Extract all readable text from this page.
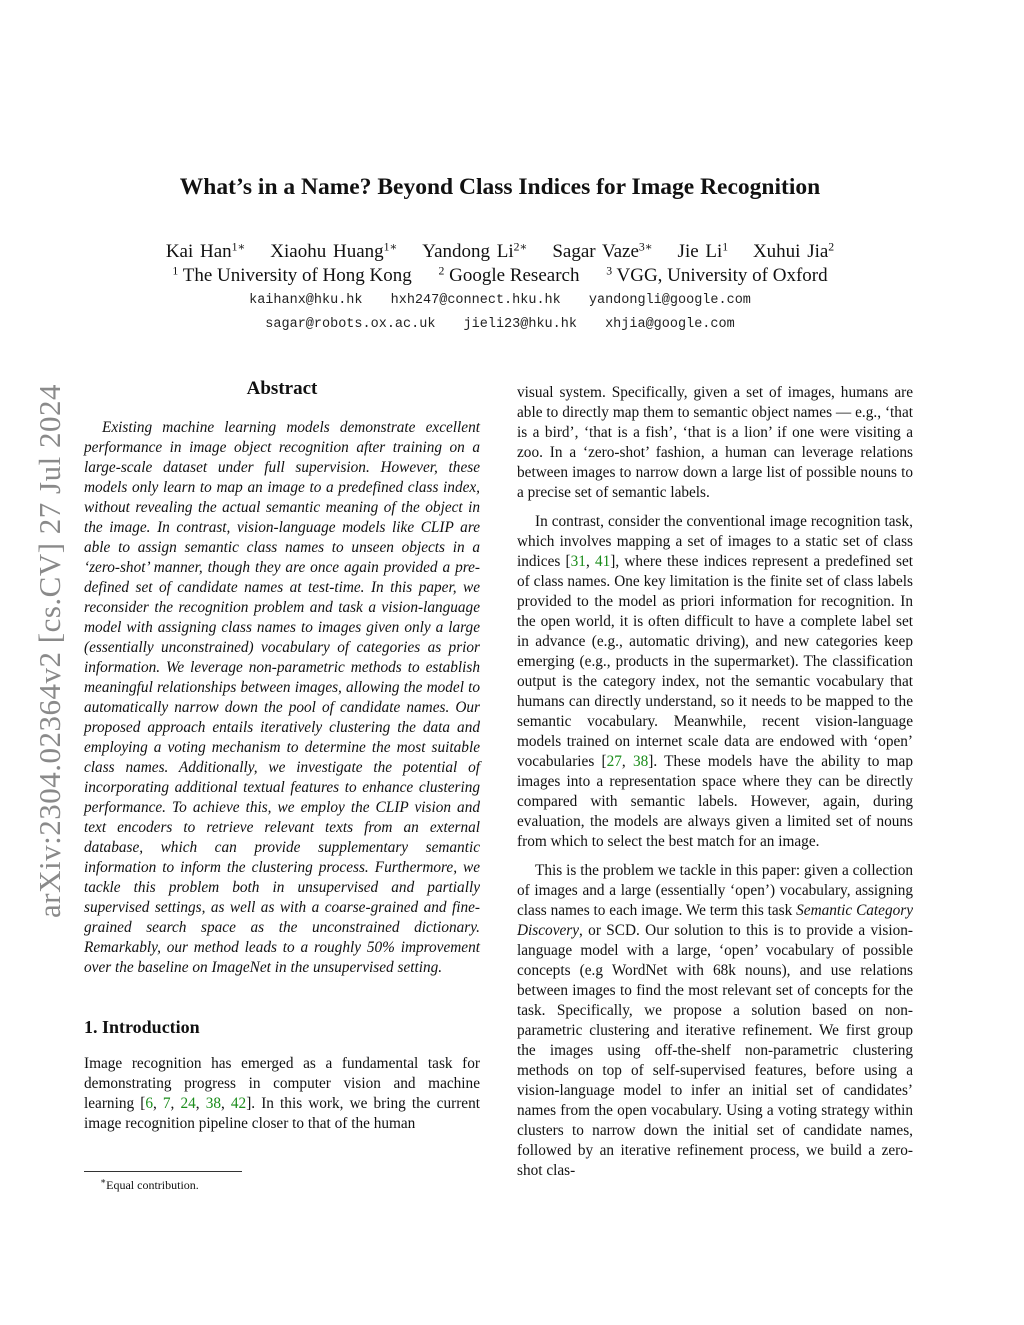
arXiv:2304.02364v2 [cs.CV] 27 Jul 2024
What’s in a Name? Beyond Class Indices for Image Recognition
Kai Han$^{1∗}$ Xiaohu Huang$^{1∗}$ Yandong $Li^{2∗}$ Sagar Vaze$^{3∗}$ Jie Li$^1$ Xuhui Jia$^2$
$^1$ The University of Hong Kong $^2$ Google Research $^3$ VGG, University of Oxford
kaihanx@hku.hk hxh247@connect.hku.hk yandongli@google.com
sagar@robots.ox.ac.uk jieli23@hku.hk xhjia@google.com
Abstract

Existing machine learning models demonstrate excellent performance in image object recognition after training on a large-scale dataset under full supervision. However, these models only learn to map an image to a predefined class index, without revealing the actual semantic meaning of the object in the image. In contrast, vision-language models like CLIP are able to assign semantic class names to unseen objects in a ‘zero-shot’ manner, though they are once again provided a pre-defined set of candidate names at test-time. In this paper, we reconsider the recognition problem and task a vision-language model with assigning class names to images given only a large (essentially unconstrained) vocabulary of categories as prior information. We leverage non-parametric methods to establish meaningful relationships between images, allowing the model to automatically narrow down the pool of candidate names. Our proposed approach entails iteratively clustering the data and employing a voting mechanism to determine the most suitable class names. Additionally, we investigate the potential of incorporating additional textual features to enhance clustering performance. To achieve this, we employ the CLIP vision and text encoders to retrieve relevant texts from an external database, which can provide supplementary semantic information to inform the clustering process. Furthermore, we tackle this problem both in unsupervised and partially supervised settings, as well as with a coarse-grained and fine-grained search space as the unconstrained dictionary. Remarkably, our method leads to a roughly 50% improvement over the baseline on ImageNet in the unsupervised setting.

1. Introduction

Image recognition has emerged as a fundamental task for demonstrating progress in computer vision and machine learning [6, 7, 24, 38, 42]. In this work, we bring the current image recognition pipeline closer to that of the human

visual system. Specifically, given a set of images, humans are able to directly map them to semantic object names — e.g., ‘that is a bird’, ‘that is a fish’, ‘that is a lion’ if one were visiting a zoo. In a ‘zero-shot’ fashion, a human can leverage relations between images to narrow down a large list of possible nouns to a precise set of semantic labels.

In contrast, consider the conventional image recognition task, which involves mapping a set of images to a static set of class indices [31, 41], where these indices represent a predefined set of class names. One key limitation is the finite set of class labels provided to the model as priori information for recognition. In the open world, it is often difficult to have a complete label set in advance (e.g., automatic driving), and new categories keep emerging (e.g., products in the supermarket). The classification output is the category index, not the semantic vocabulary that humans can directly understand, so it needs to be mapped to the semantic vocabulary. Meanwhile, recent vision-language models trained on internet scale data are endowed with ‘open’ vocabularies [27, 38]. These models have the ability to map images into a representation space where they can be directly compared with semantic labels. However, again, during evaluation, the models are always given a limited set of nouns from which to select the best match for an image.

This is the problem we tackle in this paper: given a collection of images and a large (essentially ‘open’) vocabulary, assigning class names to each image. We term this task Semantic Category Discovery, or SCD. Our solution to this is to provide a vision-language model with a large, ‘open’ vocabulary of possible concepts (e.g WordNet with 68k nouns), and use relations between images to find the most relevant set of concepts for the task. Specifically, we propose a solution based on non-parametric clustering and iterative refinement. We first group the images using off-the-shelf non-parametric clustering methods on top of self-supervised features, before using a vision-language model to infer an initial set of candidates’ names from the open vocabulary. Using a voting strategy within clusters to narrow down the initial set of candidate names, followed by an iterative refinement process, we build a zero-shot clas-

∗Equal contribution.
